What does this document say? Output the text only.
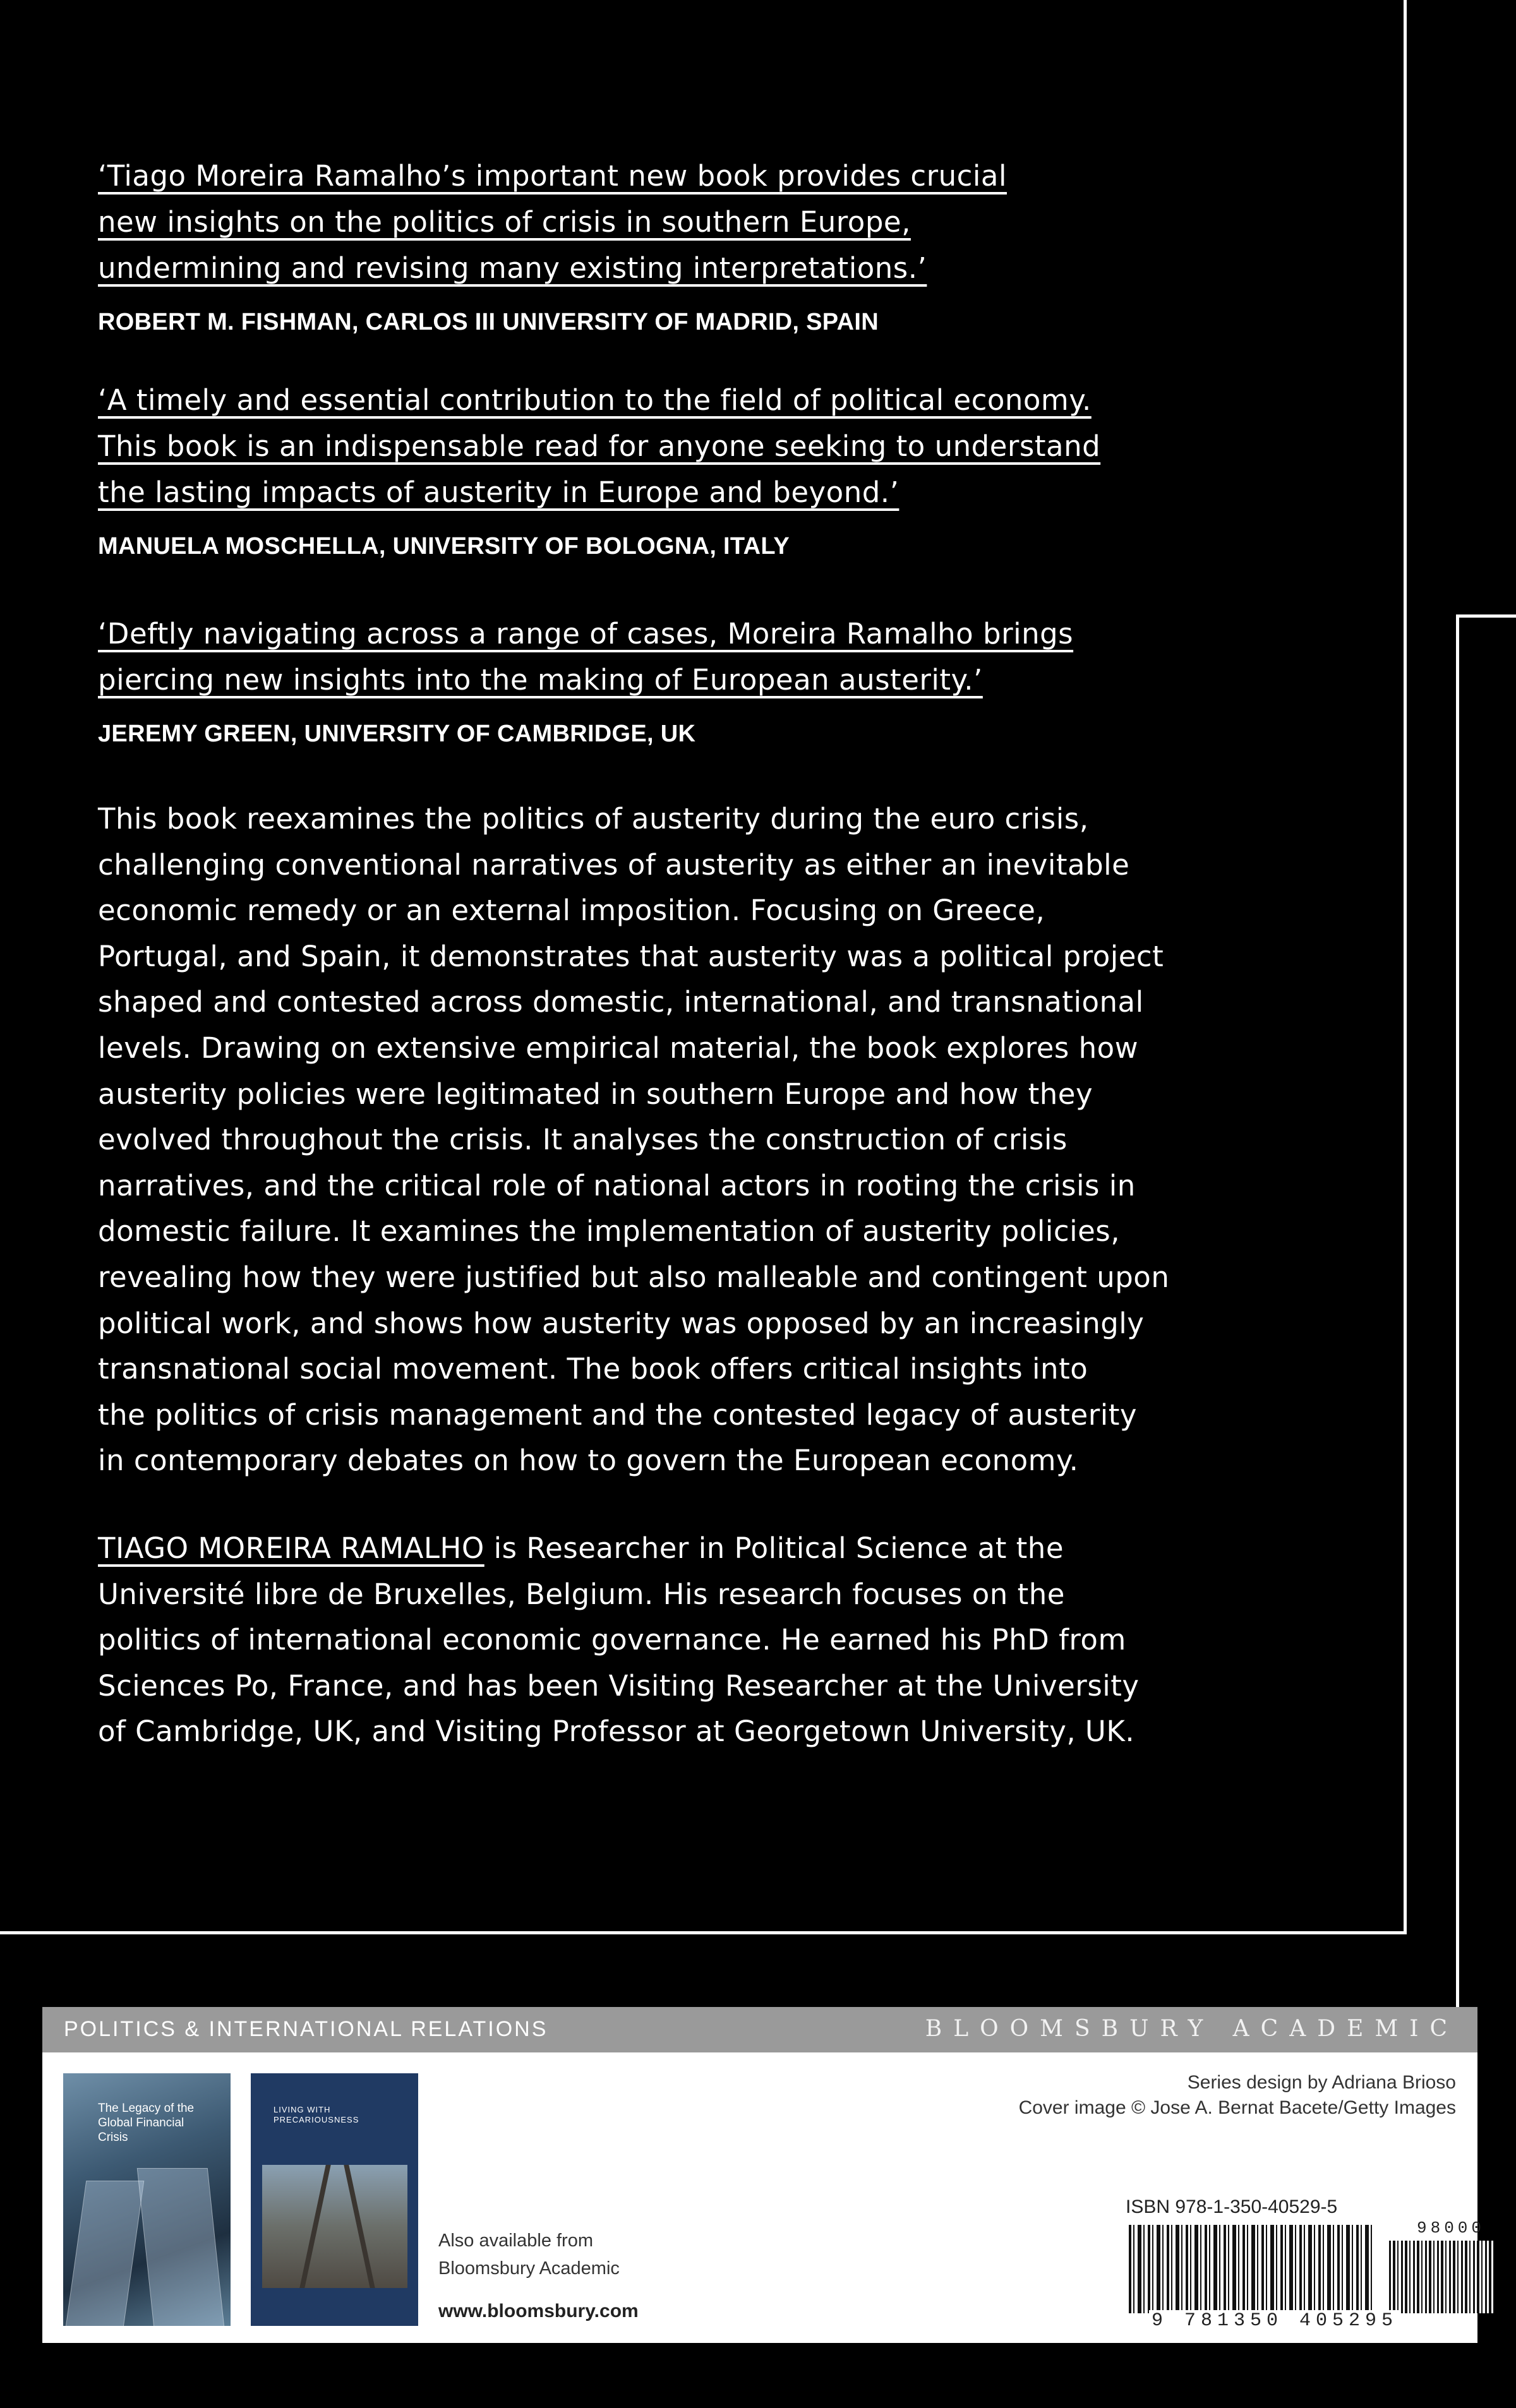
‘Tiago Moreira Ramalho’s important new book provides crucial
new insights on the politics of crisis in southern Europe,
undermining and revising many existing interpretations.’

ROBERT M. FISHMAN, CARLOS III UNIVERSITY OF MADRID, SPAIN

‘A timely and essential contribution to the field of political economy.
This book is an indispensable read for anyone seeking to understand
the lasting impacts of austerity in Europe and beyond.’

MANUELA MOSCHELLA, UNIVERSITY OF BOLOGNA, ITALY

‘Deftly navigating across a range of cases, Moreira Ramalho brings
piercing new insights into the making of European austerity.’

JEREMY GREEN, UNIVERSITY OF CAMBRIDGE, UK

This book reexamines the politics of austerity during the euro crisis,
challenging conventional narratives of austerity as either an inevitable
economic remedy or an external imposition. Focusing on Greece,
Portugal, and Spain, it demonstrates that austerity was a political project
shaped and contested across domestic, international, and transnational
levels. Drawing on extensive empirical material, the book explores how
austerity policies were legitimated in southern Europe and how they
evolved throughout the crisis. It analyses the construction of crisis
narratives, and the critical role of national actors in rooting the crisis in
domestic failure. It examines the implementation of austerity policies,
revealing how they were justified but also malleable and contingent upon
political work, and shows how austerity was opposed by an increasingly
transnational social movement. The book offers critical insights into
the politics of crisis management and the contested legacy of austerity
in contemporary debates on how to govern the European economy.

TIAGO MOREIRA RAMALHO is Researcher in Political Science at the
Université libre de Bruxelles, Belgium. His research focuses on the
politics of international economic governance. He earned his PhD from
Sciences Po, France, and has been Visiting Researcher at the University
of Cambridge, UK, and Visiting Professor at Georgetown University, UK.

POLITICS & INTERNATIONAL RELATIONS	BLOOMSBURY ACADEMIC
The Legacy of the Global Financial Crisis
LIVING WITH PRECARIOUSNESS
Also available from
Bloomsbury Academic
www.bloomsbury.com
Series design by Adriana Brioso
Cover image © Jose A. Bernat Bacete/Getty Images
ISBN 978-1-350-40529-5
98000
9 781350 405295
